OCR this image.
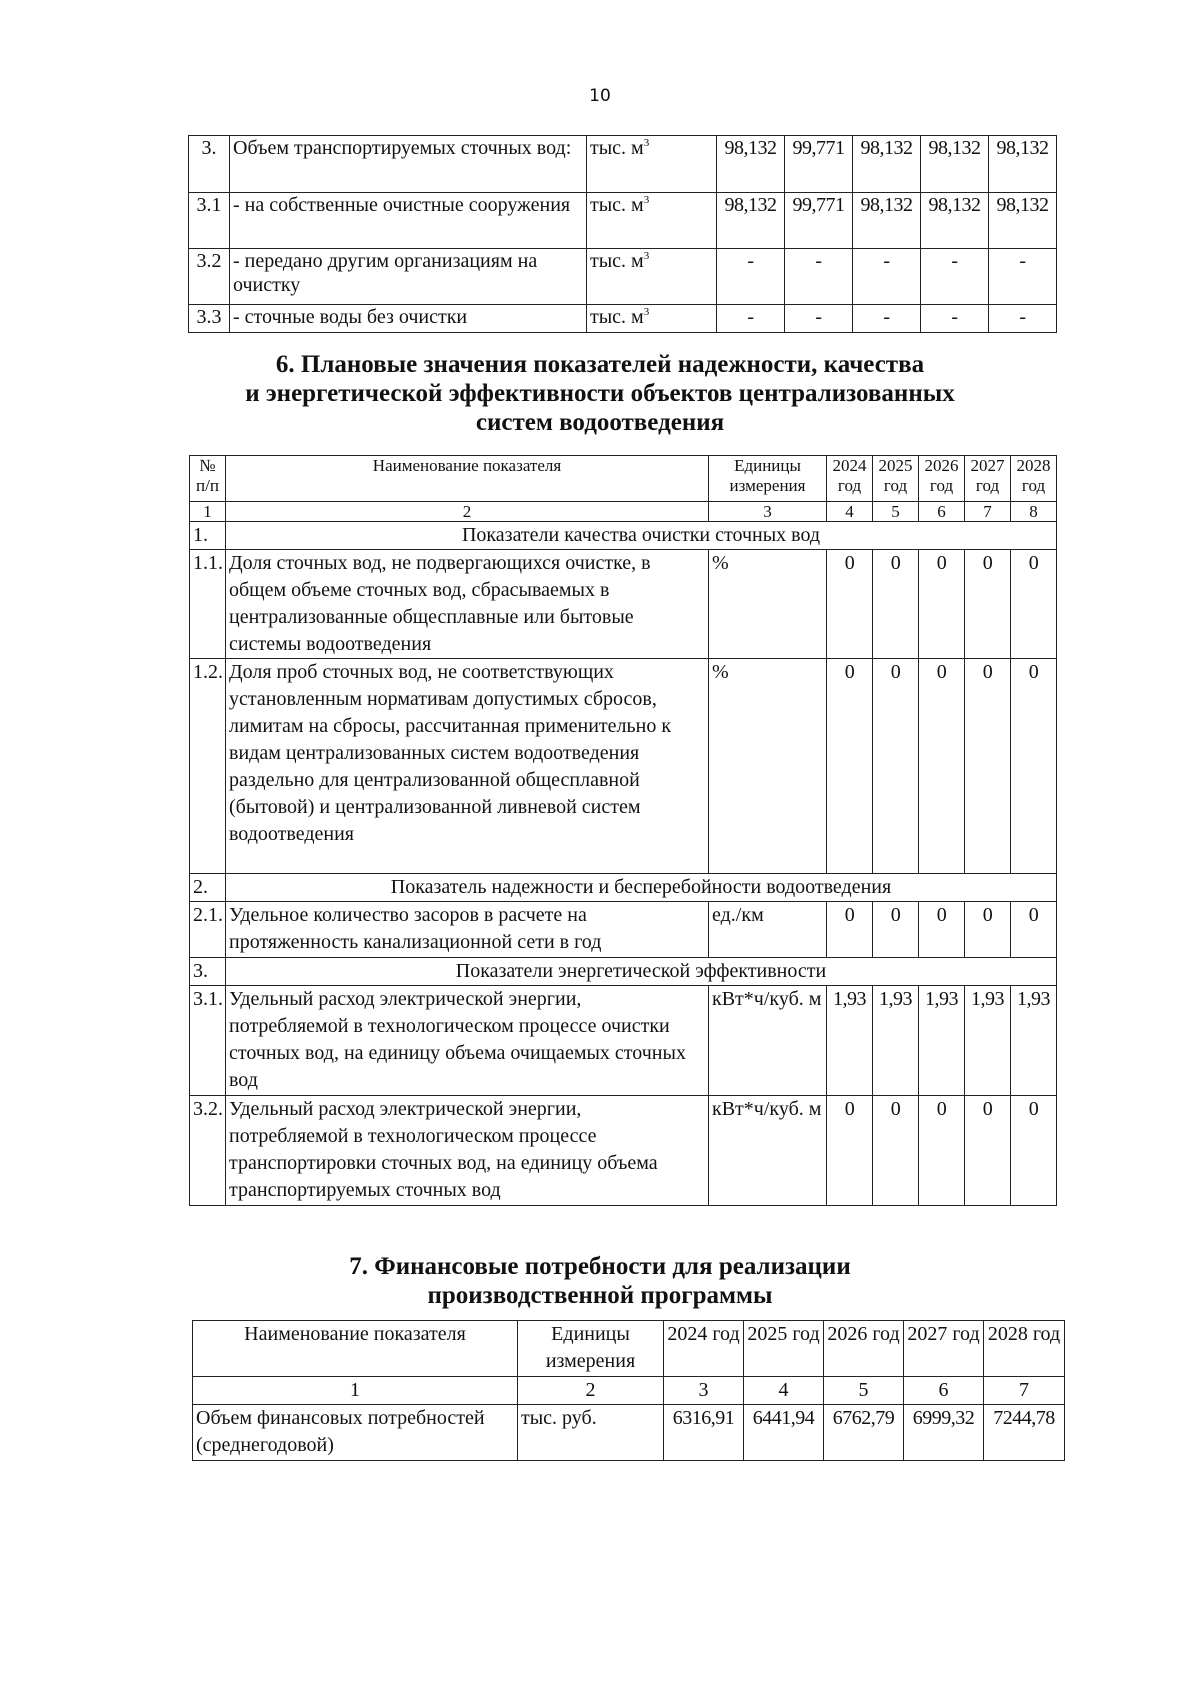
10
3.	Объем транспортируемых сточных вод:	тыс. $м^3$	98,132	99,771	98,132	98,132	98,132
3.1	- на собственные очистные сооружения	тыс. $м^3$	98,132	99,771	98,132	98,132	98,132
3.2	- передано другим организациям на очистку	тыс. $м^3$	-	-	-	-	-
3.3	- сточные воды без очистки	тыс. $м^3$	-	-	-	-	-
6. Плановые значения показателей надежности, качества
и энергетической эффективности объектов централизованных
систем водоотведения
№ п/п	Наименование показателя	Единицы измерения	2024 год	2025 год	2026 год	2027 год	2028 год
1	2	3	4	5	6	7	8
1.	Показатели качества очистки сточных вод						
1.1.	Доля сточных вод, не подвергающихся очистке, в общем объеме сточных вод, сбрасываемых в централизованные общесплавные или бытовые системы водоотведения	%	0	0	0	0	0
1.2.	Доля проб сточных вод, не соответствующих установленным нормативам допустимых сбросов, лимитам на сбросы, рассчитанная применительно к видам централизованных систем водоотведения раздельно для централизованной общесплавной (бытовой) и централизованной ливневой систем водоотведения	%	0	0	0	0	0
2.	Показатель надежности и бесперебойности водоотведения						
2.1.	Удельное количество засоров в расчете на протяженность канализационной сети в год	ед./км	0	0	0	0	0
3.	Показатели энергетической эффективности						
3.1.	Удельный расход электрической энергии, потребляемой в технологическом процессе очистки сточных вод, на единицу объема очищаемых сточных вод	кВт*ч/куб. м	1,93	1,93	1,93	1,93	1,93
3.2.	Удельный расход электрической энергии, потребляемой в технологическом процессе транспортировки сточных вод, на единицу объема транспортируемых сточных вод	кВт*ч/куб. м	0	0	0	0	0
7. Финансовые потребности для реализации
производственной программы
Наименование показателя	Единицы измерения	2024 год	2025 год	2026 год	2027 год	2028 год
1	2	3	4	5	6	7
Объем финансовых потребностей (среднегодовой)	тыс. руб.	6316,91	6441,94	6762,79	6999,32	7244,78
